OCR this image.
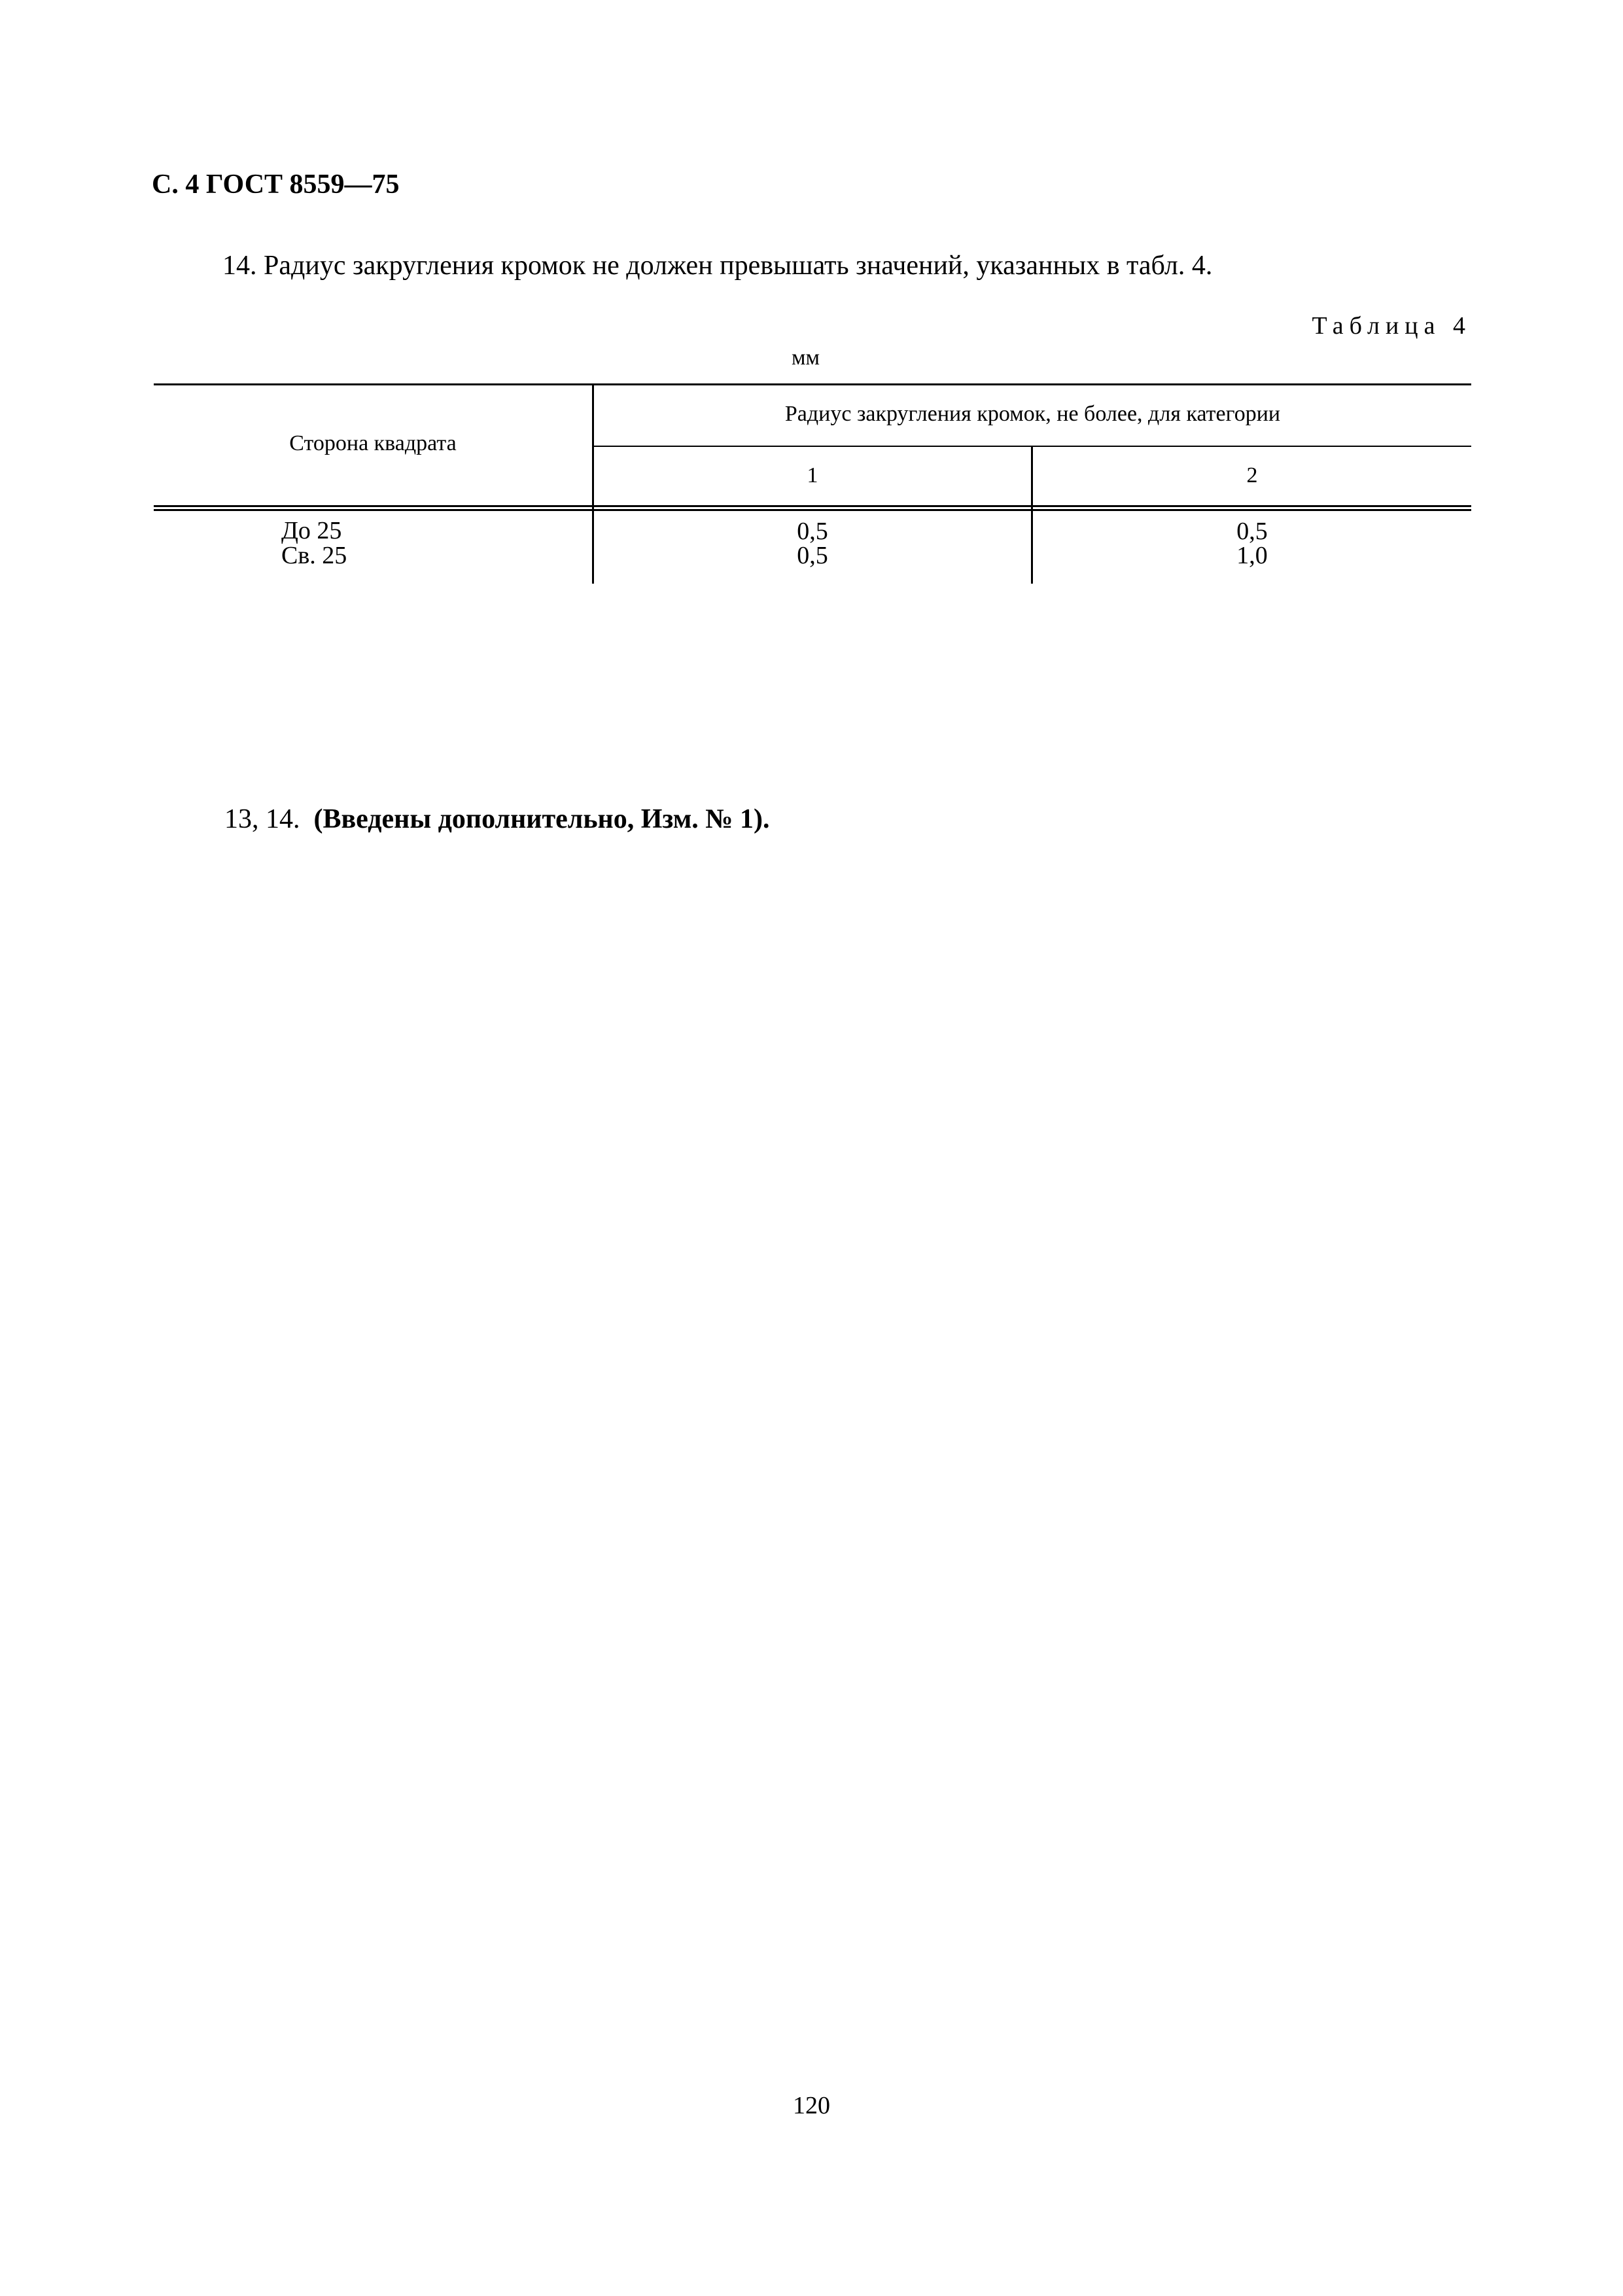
С. 4 ГОСТ 8559—75
14. Радиус закругления кромок не должен превышать значений, указанных в табл. 4.
Таблица 4
мм
Сторона квадрата
Радиус закругления кромок, не более, для категории
1	2
До 25	0,5	0,5
Св. 25	0,5	1,0
13, 14. (Введены дополнительно, Изм. № 1).
120
